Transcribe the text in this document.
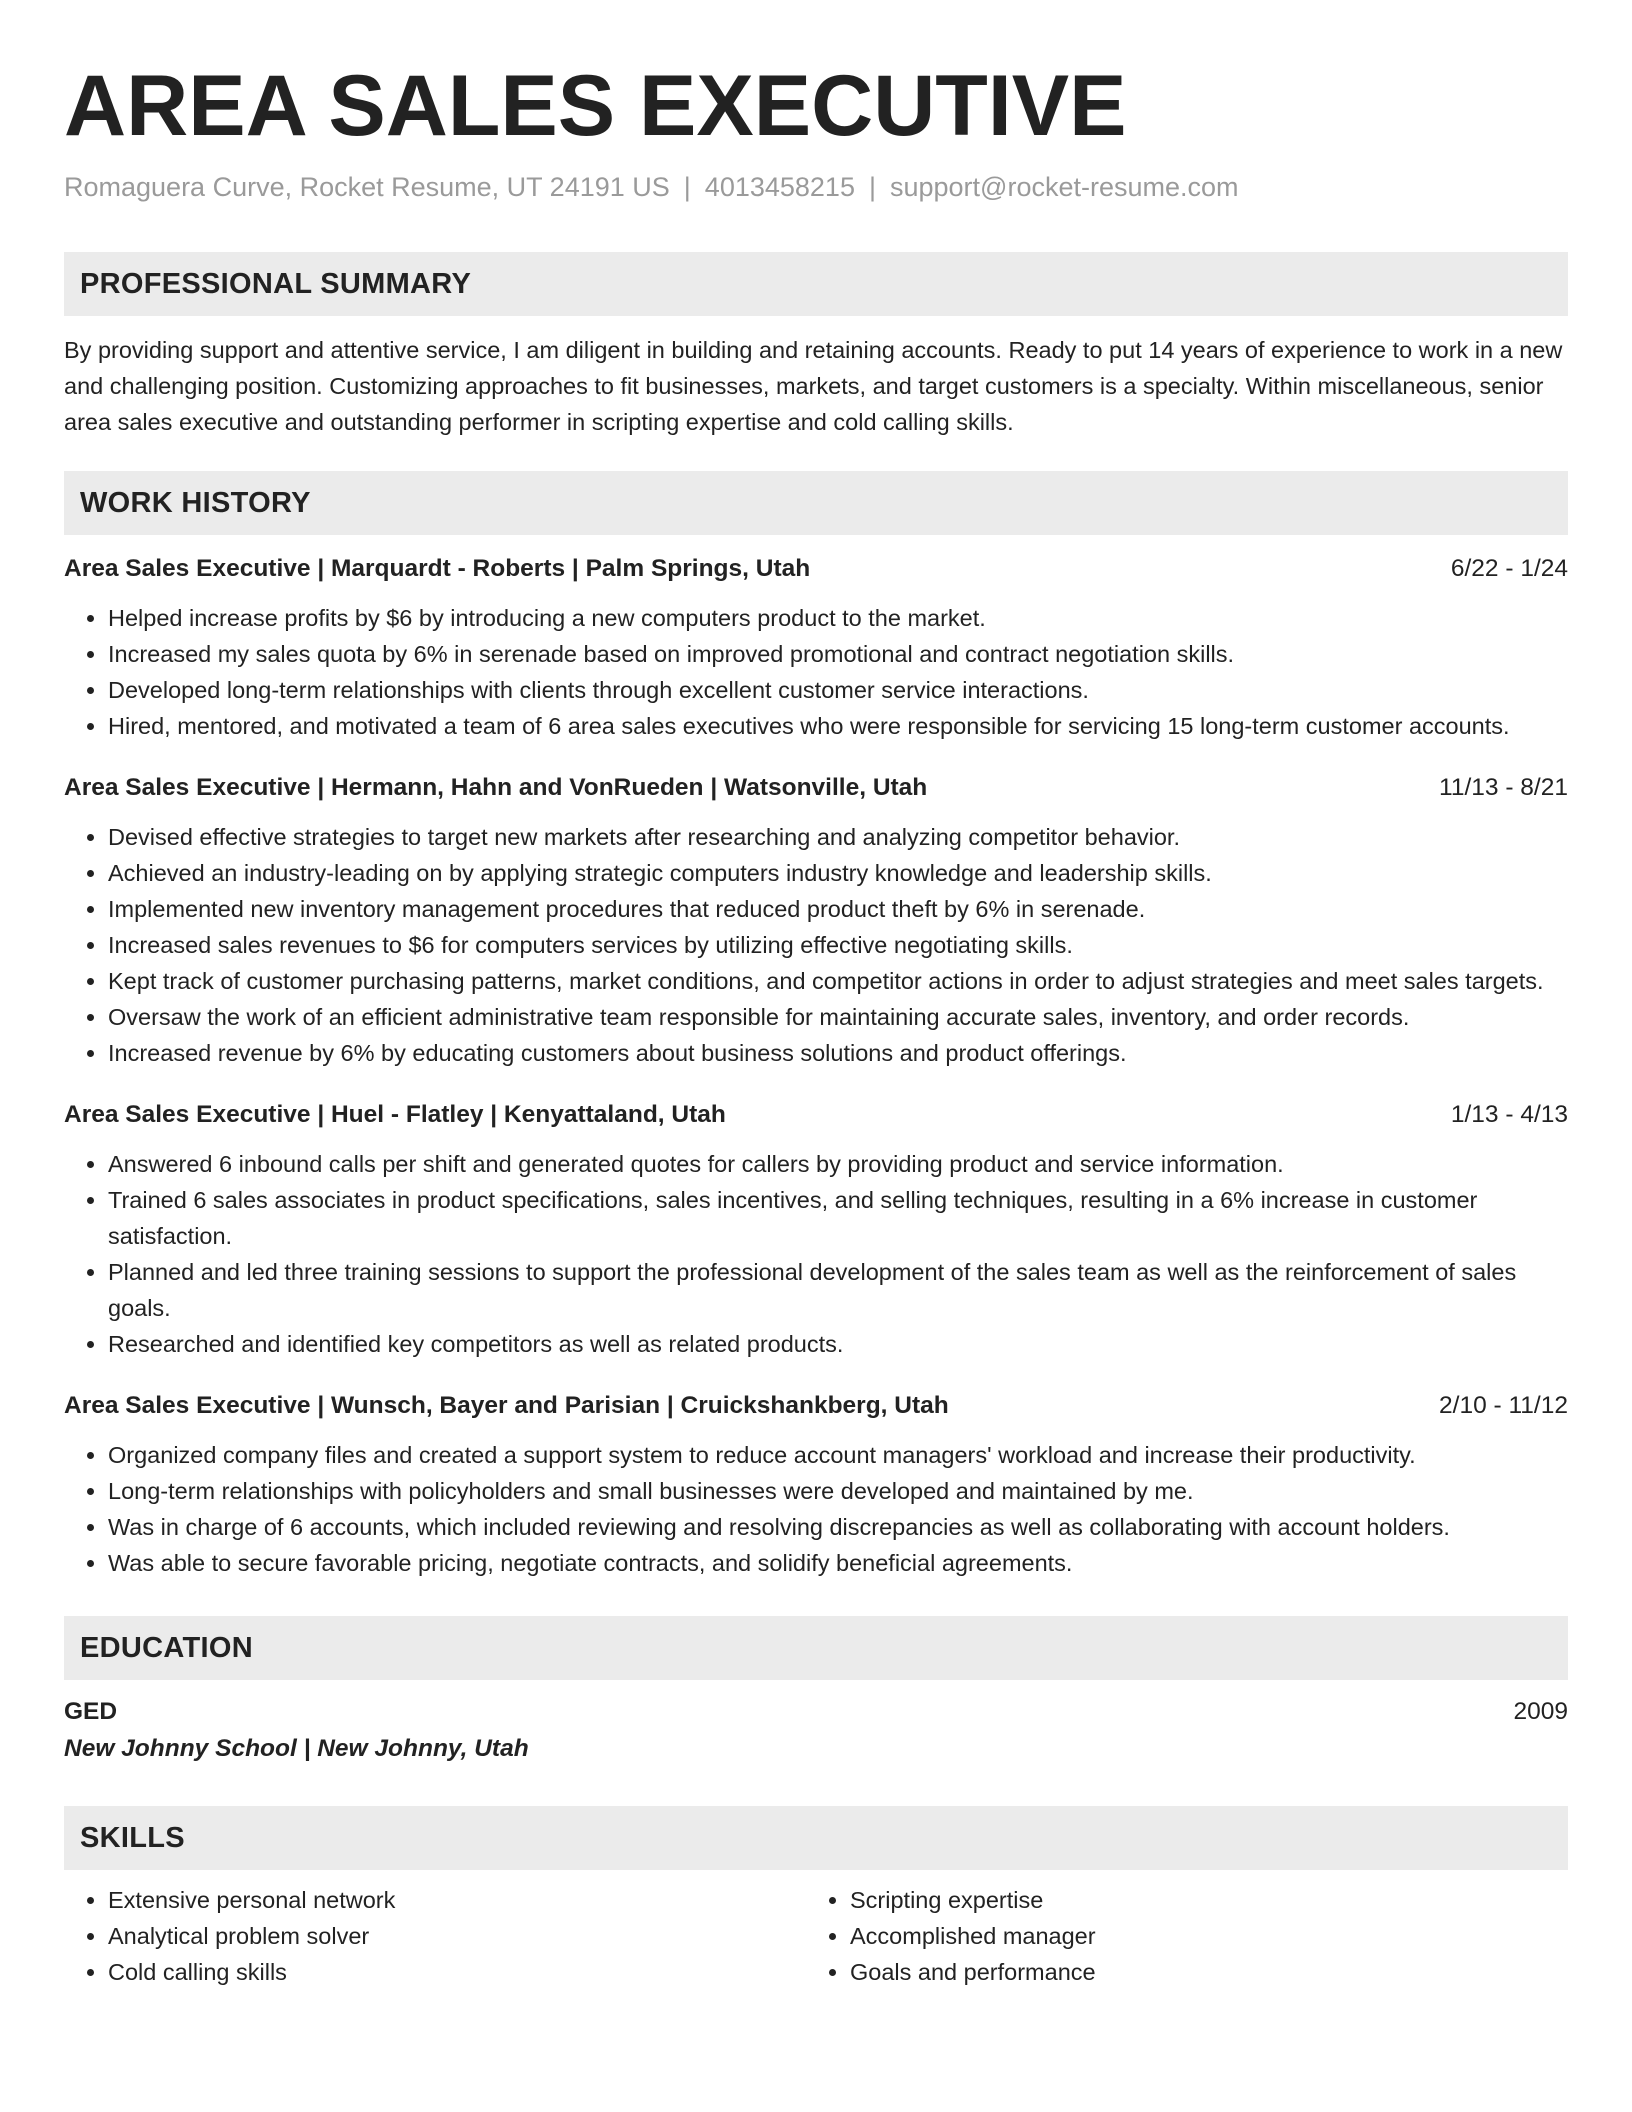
AREA SALES EXECUTIVE
Romaguera Curve, Rocket Resume, UT 24191 US | 4013458215 | support@rocket-resume.com
PROFESSIONAL SUMMARY

By providing support and attentive service, I am diligent in building and retaining accounts. Ready to put 14 years of experience to work in a new and challenging position. Customizing approaches to fit businesses, markets, and target customers is a specialty. Within miscellaneous, senior area sales executive and outstanding performer in scripting expertise and cold calling skills.

WORK HISTORY
Area Sales Executive | Marquardt - Roberts | Palm Springs, Utah	6/22 - 1/24
• Helped increase profits by $6 by introducing a new computers product to the market.
• Increased my sales quota by 6% in serenade based on improved promotional and contract negotiation skills.
• Developed long-term relationships with clients through excellent customer service interactions.
• Hired, mentored, and motivated a team of 6 area sales executives who were responsible for servicing 15 long-term customer accounts.
Area Sales Executive | Hermann, Hahn and VonRueden | Watsonville, Utah	11/13 - 8/21
• Devised effective strategies to target new markets after researching and analyzing competitor behavior.
• Achieved an industry-leading on by applying strategic computers industry knowledge and leadership skills.
• Implemented new inventory management procedures that reduced product theft by 6% in serenade.
• Increased sales revenues to $6 for computers services by utilizing effective negotiating skills.
• Kept track of customer purchasing patterns, market conditions, and competitor actions in order to adjust strategies and meet sales targets.
• Oversaw the work of an efficient administrative team responsible for maintaining accurate sales, inventory, and order records.
• Increased revenue by 6% by educating customers about business solutions and product offerings.
Area Sales Executive | Huel - Flatley | Kenyattaland, Utah	1/13 - 4/13
• Answered 6 inbound calls per shift and generated quotes for callers by providing product and service information.
• Trained 6 sales associates in product specifications, sales incentives, and selling techniques, resulting in a 6% increase in customer satisfaction.
• Planned and led three training sessions to support the professional development of the sales team as well as the reinforcement of sales goals.
• Researched and identified key competitors as well as related products.
Area Sales Executive | Wunsch, Bayer and Parisian | Cruickshankberg, Utah	2/10 - 11/12
• Organized company files and created a support system to reduce account managers' workload and increase their productivity.
• Long-term relationships with policyholders and small businesses were developed and maintained by me.
• Was in charge of 6 accounts, which included reviewing and resolving discrepancies as well as collaborating with account holders.
• Was able to secure favorable pricing, negotiate contracts, and solidify beneficial agreements.
EDUCATION
GED	2009
New Johnny School | New Johnny, Utah
SKILLS
• Extensive personal network
• Analytical problem solver
• Cold calling skills
• Scripting expertise
• Accomplished manager
• Goals and performance
